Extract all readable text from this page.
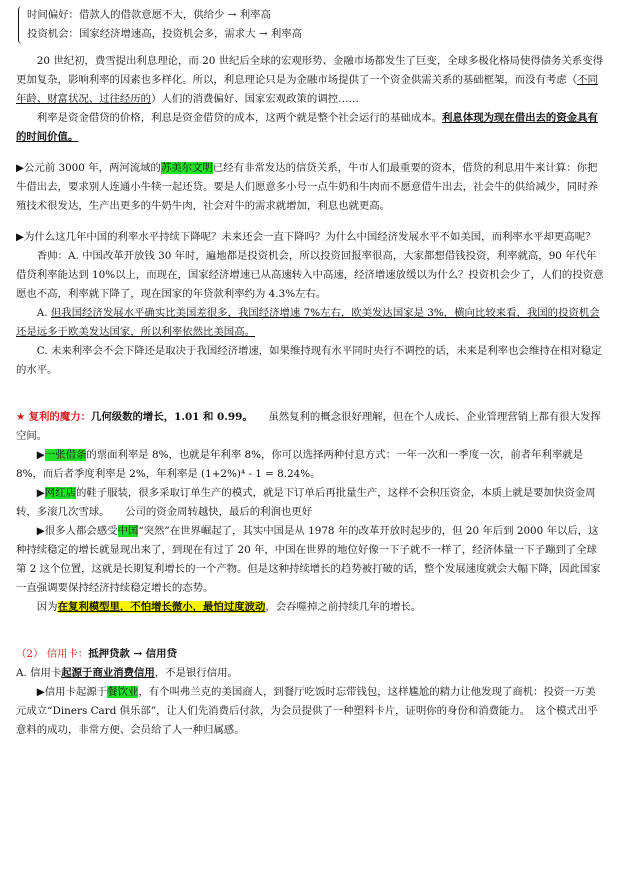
时间偏好：借款人的借款意愿不大，供给少 → 利率高

投资机会：国家经济增速高，投资机会多，需求大 → 利率高

20 世纪初，费雪提出利息理论，而 20 世纪后全球的宏观形势、金融市场都发生了巨变，全球多极化格局使得债务关系变得更加复杂，影响利率的因素也多样化。所以，利息理论只是为金融市场提供了一个资金供需关系的基础框架，而没有考虑（不同年龄、财富状况、过往经历的）人们的消费偏好、国家宏观政策的调控……

利率是资金借贷的价格，利息是资金借贷的成本，这两个就是整个社会运行的基础成本。利息体现为现在借出去的资金具有的时间价值。

▶公元前 3000 年，两河流域的苏美尔文明已经有非常发达的信贷关系，牛市人们最重要的资本，借贷的利息用牛来计算：你把牛借出去，要求别人连通小牛犊一起还贷。要是人们愿意多小号一点牛奶和牛肉而不愿意借牛出去，社会牛的供给减少，同时养殖技术很发达，生产出更多的牛奶牛肉，社会对牛的需求就增加，利息也就更高。

▶为什么这几年中国的利率水平持续下降呢？未来还会一直下降吗？为什么中国经济发展水平不如美国，而利率水平却更高呢？

香帅：A. 中国改革开放钱 30 年时，遍地都是投资机会，所以投资回报率很高，大家都想借钱投资，利率就高，90 年代年借贷利率能达到 10%以上，而现在，国家经济增速已从高速转入中高速，经济增速放缓以为什么？投资机会少了，人们的投资意愿也不高，利率就下降了，现在国家的年贷款利率约为 4.3%左右。

A. 但我国经济发展水平确实比美国差很多，我国经济增速 7%左右，欧美发达国家是 3%，横向比较来看，我国的投资机会还是远多于欧美发达国家，所以利率依然比美国高。

C. 未来利率会不会下降还是取决于我国经济增速，如果维持现有水平同时央行不调控的话，未来是利率也会维持在相对稳定的水平。

★ 复利的魔力：几何级数的增长，1.01 和 0.99。　　虽然复利的概念很好理解，但在个人成长、企业管理营销上都有很大发挥空间。

▶一张借条的票面利率是 8%，也就是年利率 8%，你可以选择两种付息方式：一年一次和一季度一次，前者年利率就是 8%，而后者季度利率是 2%，年利率是 (1+2%)⁴ - 1 = 8.24%。

▶网红店的鞋子服装，很多采取订单生产的模式，就是下订单后再批量生产，这样不会积压资金，本质上就是要加快资金周转，多滚几次雪球。　　公司的资金周转越快，最后的利润也更好

▶很多人都会感受中国“突然”在世界崛起了，其实中国是从 1978 年的改革开放时起步的，但 20 年后到 2000 年以后，这种持续稳定的增长就显现出来了，到现在有过了 20 年，中国在世界的地位好像一下子就不一样了，经济体量一下子蹦到了全球第 2 这个位置，这就是长期复利增长的一个产物。但是这种持续增长的趋势被打破的话，整个发展速度就会大幅下降，因此国家一直强调要保持经济持续稳定增长的态势。

因为在复利模型里，不怕增长微小，最怕过度波动，会吞噬掉之前持续几年的增长。

（2） 信用卡：抵押贷款 → 信用贷

A. 信用卡起源于商业消费信用，不是银行信用。

▶信用卡起源于餐饮业，有个叫弗兰克的美国商人，到餐厅吃饭时忘带钱包，这样尴尬的精力让他发现了商机：投资一万美元成立“Diners Card 俱乐部”，让人们先消费后付款，为会员提供了一种塑料卡片，证明你的身份和消费能力。　这个模式出乎意料的成功，非常方便、会员给了人一种归属感。
